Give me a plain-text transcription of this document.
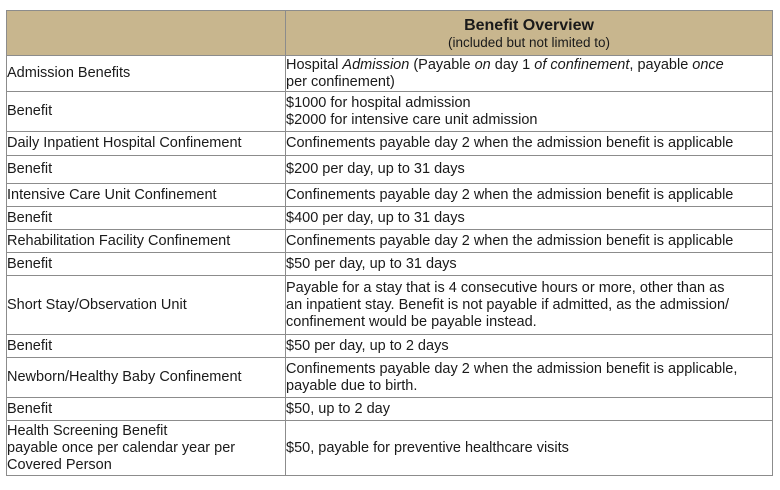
	Benefit Overview
(included but not limited to)

Admission Benefits	Hospital Admission (Payable on day 1 of confinement, payable once
per confinement)

Benefit	$1000 for hospital admission
$2000 for intensive care unit admission

Daily Inpatient Hospital Confinement	Confinements payable day 2 when the admission benefit is applicable
Benefit	$200 per day, up to 31 days
Intensive Care Unit Confinement	Confinements payable day 2 when the admission benefit is applicable
Benefit	$400 per day, up to 31 days
Rehabilitation Facility Confinement	Confinements payable day 2 when the admission benefit is applicable
Benefit	$50 per day, up to 31 days
Short Stay/Observation Unit	Payable for a stay that is 4 consecutive hours or more, other than as
an inpatient stay. Benefit is not payable if admitted, as the admission/
confinement would be payable instead.

Benefit	$50 per day, up to 2 days
Newborn/Healthy Baby Confinement	Confinements payable day 2 when the admission benefit is applicable,
payable due to birth.

Benefit	$50, up to 2 day

Health Screening Benefit
payable once per calendar year per
Covered Person	$50, payable for preventive healthcare visits
